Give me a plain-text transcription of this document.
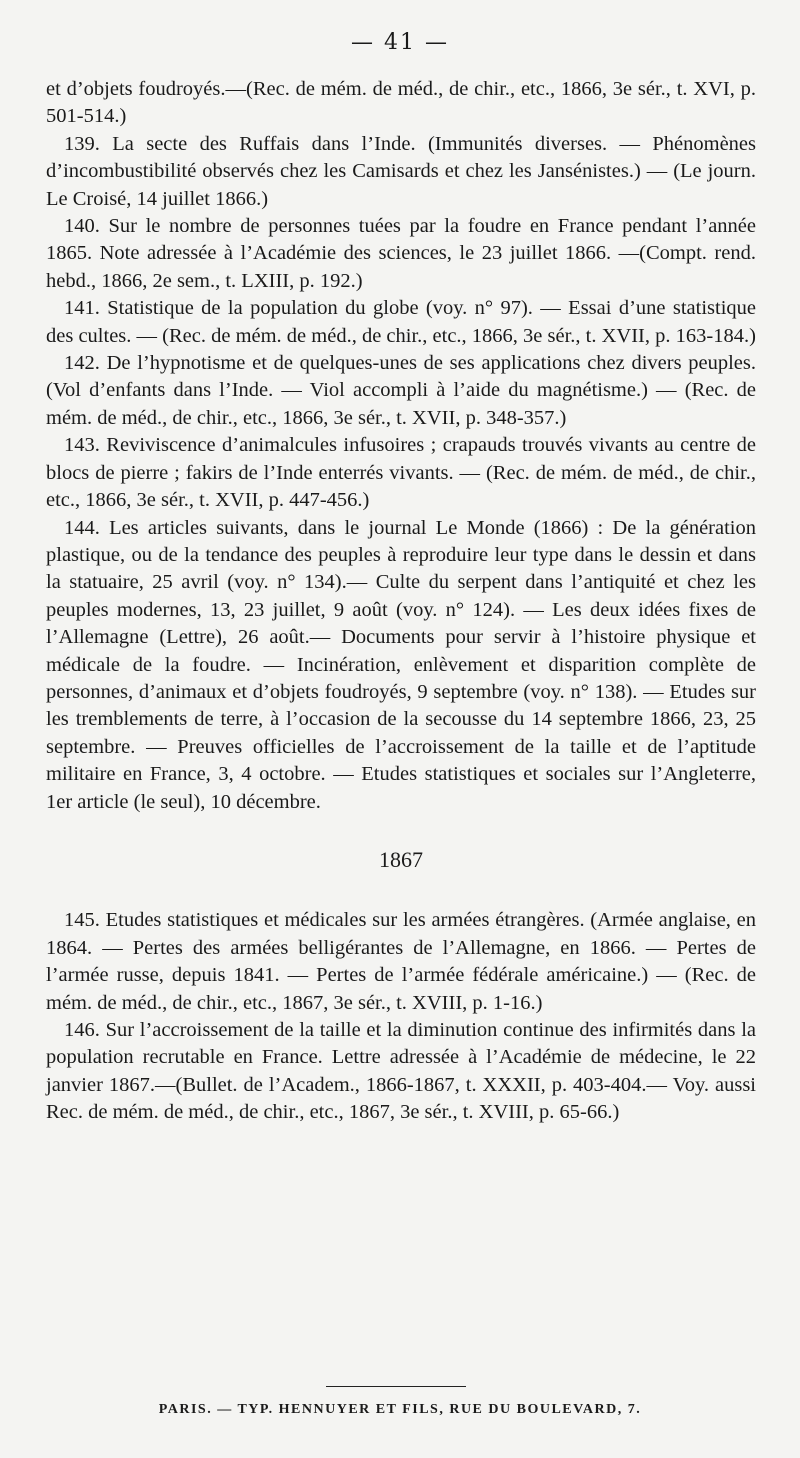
— 41 —

et d’objets foudroyés.—(Rec. de mém. de méd., de chir., etc., 1866, 3e sér., t. XVI, p. 501-514.)

139. La secte des Ruffais dans l’Inde. (Immunités diverses. — Phénomènes d’incombustibilité observés chez les Camisards et chez les Jansénistes.) — (Le journ. Le Croisé, 14 juillet 1866.)

140. Sur le nombre de personnes tuées par la foudre en France pendant l’année 1865. Note adressée à l’Académie des sciences, le 23 juillet 1866. —(Compt. rend. hebd., 1866, 2e sem., t. LXIII, p. 192.)

141. Statistique de la population du globe (voy. n° 97). — Essai d’une statistique des cultes. — (Rec. de mém. de méd., de chir., etc., 1866, 3e sér., t. XVII, p. 163-184.)

142. De l’hypnotisme et de quelques-unes de ses applications chez divers peuples. (Vol d’enfants dans l’Inde. — Viol accompli à l’aide du magnétisme.) — (Rec. de mém. de méd., de chir., etc., 1866, 3e sér., t. XVII, p. 348-357.)

143. Reviviscence d’animalcules infusoires ; crapauds trouvés vivants au centre de blocs de pierre ; fakirs de l’Inde enterrés vivants. — (Rec. de mém. de méd., de chir., etc., 1866, 3e sér., t. XVII, p. 447-456.)

144. Les articles suivants, dans le journal Le Monde (1866) : De la génération plastique, ou de la tendance des peuples à reproduire leur type dans le dessin et dans la statuaire, 25 avril (voy. n° 134).— Culte du serpent dans l’antiquité et chez les peuples modernes, 13, 23 juillet, 9 août (voy. n° 124). — Les deux idées fixes de l’Allemagne (Lettre), 26 août.— Documents pour servir à l’histoire physique et médicale de la foudre. — Incinération, enlèvement et disparition complète de personnes, d’animaux et d’objets foudroyés, 9 septembre (voy. n° 138). — Etudes sur les tremblements de terre, à l’occasion de la secousse du 14 septembre 1866, 23, 25 septembre. — Preuves officielles de l’accroissement de la taille et de l’aptitude militaire en France, 3, 4 octobre. — Etudes statistiques et sociales sur l’Angleterre, 1er article (le seul), 10 décembre.

1867

145. Etudes statistiques et médicales sur les armées étrangères. (Armée anglaise, en 1864. — Pertes des armées belligérantes de l’Allemagne, en 1866. — Pertes de l’armée russe, depuis 1841. — Pertes de l’armée fédérale américaine.) — (Rec. de mém. de méd., de chir., etc., 1867, 3e sér., t. XVIII, p. 1-16.)

146. Sur l’accroissement de la taille et la diminution continue des infirmités dans la population recrutable en France. Lettre adressée à l’Académie de médecine, le 22 janvier 1867.—(Bullet. de l’Academ., 1866-1867, t. XXXII, p. 403-404.— Voy. aussi Rec. de mém. de méd., de chir., etc., 1867, 3e sér., t. XVIII, p. 65-66.)

PARIS. — TYP. HENNUYER ET FILS, RUE DU BOULEVARD, 7.
